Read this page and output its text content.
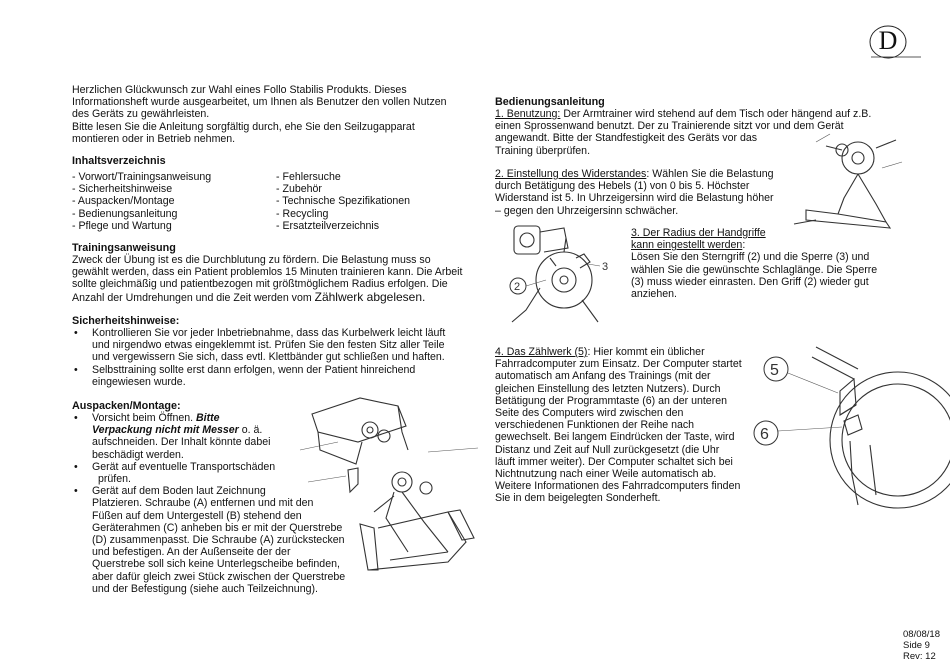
D

Herzlichen Glückwunsch zur Wahl eines Follo Stabilis Produkts. Dieses

Informationsheft wurde ausgearbeitet, um Ihnen als Benutzer den vollen Nutzen

des Geräts zu gewährleisten.

Bitte lesen Sie die Anleitung sorgfältig durch, ehe Sie den Seilzugapparat

montieren oder in Betrieb nehmen.

Inhaltsverzeichnis

- Vorwort/Trainingsanweisung

- Sicherheitshinweise

- Auspacken/Montage

- Bedienungsanleitung

- Pflege und Wartung

- Fehlersuche

- Zubehör

- Technische Spezifikationen

- Recycling

- Ersatzteilverzeichnis

Trainingsanweisung

Zweck der Übung ist es die Durchblutung zu fördern. Die Belastung muss so

gewählt werden, dass ein Patient problemlos 15 Minuten trainieren kann. Die Arbeit

sollte gleichmäßig und patientbezogen mit größtmöglichem Radius erfolgen. Die

Anzahl der Umdrehungen und die Zeit werden vom Zählwerk abgelesen.

Sicherheitshinweise:

• Kontrollieren Sie vor jeder Inbetriebnahme, dass das Kurbelwerk leicht läuft

und nirgendwo etwas eingeklemmt ist. Prüfen Sie den festen Sitz aller Teile

und vergewissern Sie sich, dass evtl. Klettbänder gut schließen und haften.

• Selbsttraining sollte erst dann erfolgen, wenn der Patient hinreichend

eingewiesen wurde.

Auspacken/Montage:

• Vorsicht beim Öffnen. Bitte

Verpackung nicht mit Messer o. ä.

aufschneiden. Der Inhalt könnte dabei

beschädigt werden.

• Gerät auf eventuelle Transportschäden

prüfen.

• Gerät auf dem Boden laut Zeichnung

Platzieren. Schraube (A) entfernen und mit den

Füßen auf dem Untergestell (B) stehend den

Geräterahmen (C) anheben bis er mit der Querstrebe

(D) zusammenpasst. Die Schraube (A) zurückstecken

und befestigen. An der Außenseite der der

Querstrebe soll sich keine Unterlegscheibe befinden,

aber dafür gleich zwei Stück zwischen der Querstrebe

und der Befestigung (siehe auch Teilzeichnung).

Bedienungsanleitung

1. Benutzung: Der Armtrainer wird stehend auf dem Tisch oder hängend auf z.B.

einen Sprossenwand benutzt. Der zu Trainierende sitzt vor und dem Gerät

angewandt. Bitte der Standfestigkeit des Geräts vor das

Training überprüfen.

2. Einstellung des Widerstandes: Wählen Sie die Belastung

durch Betätigung des Hebels (1) von 0 bis 5. Höchster

Widerstand ist 5. In Uhrzeigersinn wird die Belastung höher

– gegen den Uhrzeigersinn schwächer.

2
3

3. Der Radius der Handgriffe

kann eingestellt werden:

Lösen Sie den Sterngriff (2) und die Sperre (3) und

wählen Sie die gewünschte Schlaglänge. Die Sperre

(3) muss wieder einrasten. Den Griff (2) wieder gut

anziehen.

4. Das Zählwerk (5): Hier kommt ein üblicher

Fahrradcomputer zum Einsatz. Der Computer startet

automatisch am Anfang des Trainings (mit der

gleichen Einstellung des letzten Nutzers). Durch

Betätigung der Programmtaste (6) an der unteren

Seite des Computers wird zwischen den

verschiedenen Funktionen der Reihe nach

gewechselt. Bei langem Eindrücken der Taste, wird

Distanz und Zeit auf Null zurückgesetzt (die Uhr

läuft immer weiter). Der Computer schaltet sich bei

Nichtnutzung nach einer Weile automatisch ab.

Weitere Informationen des Fahrradcomputers finden

Sie in dem beigelegten Sonderheft.

5
6

08/08/18

Side 9

Rev: 12
